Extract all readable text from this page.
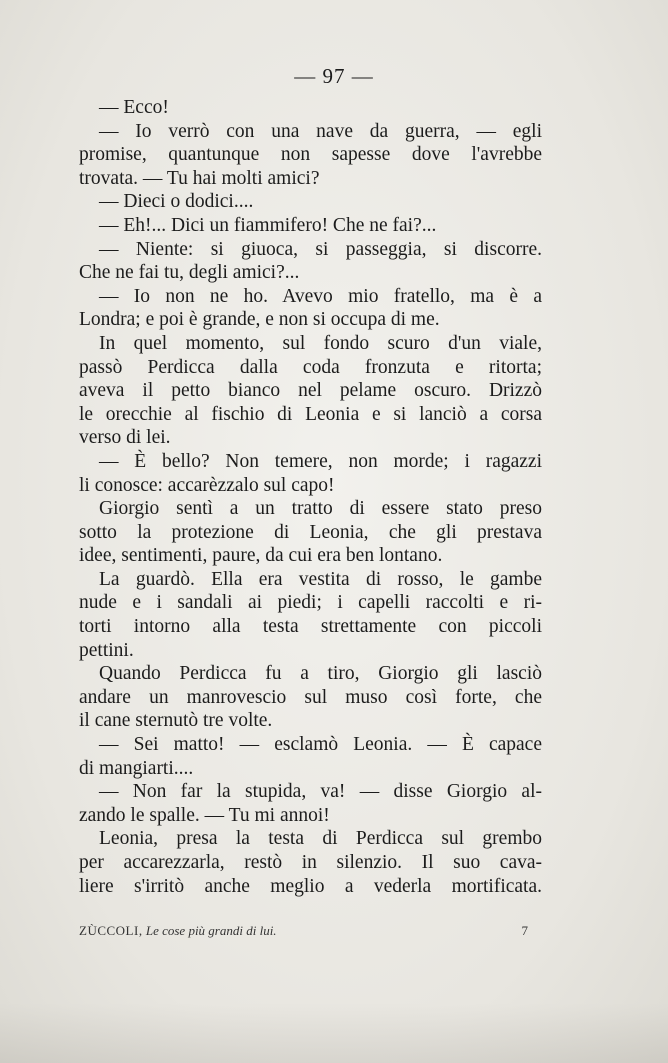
— 97 —
— Ecco!
— Io verrò con una nave da guerra, — egli
promise, quantunque non sapesse dove l'avrebbe
trovata. — Tu hai molti amici?
— Dieci o dodici....
— Eh!... Dici un fiammifero! Che ne fai?...
— Niente: si giuoca, si passeggia, si discorre.
Che ne fai tu, degli amici?...
— Io non ne ho. Avevo mio fratello, ma è a
Londra; e poi è grande, e non si occupa di me.
In quel momento, sul fondo scuro d'un viale,
passò Perdicca dalla coda fronzuta e ritorta;
aveva il petto bianco nel pelame oscuro. Drizzò
le orecchie al fischio di Leonia e si lanciò a corsa
verso di lei.
— È bello? Non temere, non morde; i ragazzi
li conosce: accarèzzalo sul capo!
Giorgio sentì a un tratto di essere stato preso
sotto la protezione di Leonia, che gli prestava
idee, sentimenti, paure, da cui era ben lontano.
La guardò. Ella era vestita di rosso, le gambe
nude e i sandali ai piedi; i capelli raccolti e ri-
torti intorno alla testa strettamente con piccoli
pettini.
Quando Perdicca fu a tiro, Giorgio gli lasciò
andare un manrovescio sul muso così forte, che
il cane sternutò tre volte.
— Sei matto! — esclamò Leonia. — È capace
di mangiarti....
— Non far la stupida, va! — disse Giorgio al-
zando le spalle. — Tu mi annoi!
Leonia, presa la testa di Perdicca sul grembo
per accarezzarla, restò in silenzio. Il suo cava-
liere s'irritò anche meglio a vederla mortificata.
ZÙCCOLI, Le cose più grandi di lui.	7
